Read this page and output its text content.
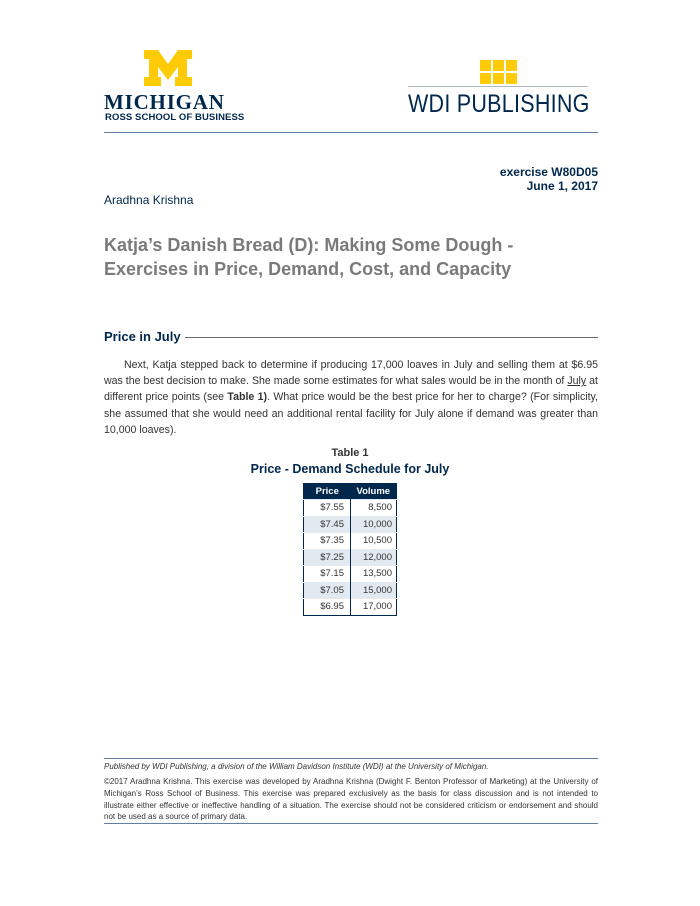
MICHIGAN
ROSS SCHOOL OF BUSINESS	WDI PUBLISHING
exercise W80D05
June 1, 2017
Aradhna Krishna
Katja’s Danish Bread (D): Making Some Dough -
Exercises in Price, Demand, Cost, and Capacity
Price in July

Next, Katja stepped back to determine if producing 17,000 loaves in July and selling them at $6.95 was the best decision to make. She made some estimates for what sales would be in the month of July at different price points (see Table 1). What price would be the best price for her to charge? (For simplicity, she assumed that she would need an additional rental facility for July alone if demand was greater than 10,000 loaves).

Table 1
Price - Demand Schedule for July
Price	Volume
$7.55	8,500
$7.45	10,000
$7.35	10,500
$7.25	12,000
$7.15	13,500
$7.05	15,000
$6.95	17,000
Published by WDI Publishing, a division of the William Davidson Institute (WDI) at the University of Michigan.

©2017 Aradhna Krishna. This exercise was developed by Aradhna Krishna (Dwight F. Benton Professor of Marketing) at the University of Michigan’s Ross School of Business. This exercise was prepared exclusively as the basis for class discussion and is not intended to illustrate either effective or ineffective handling of a situation. The exercise should not be considered criticism or endorsement and should not be used as a source of primary data.
